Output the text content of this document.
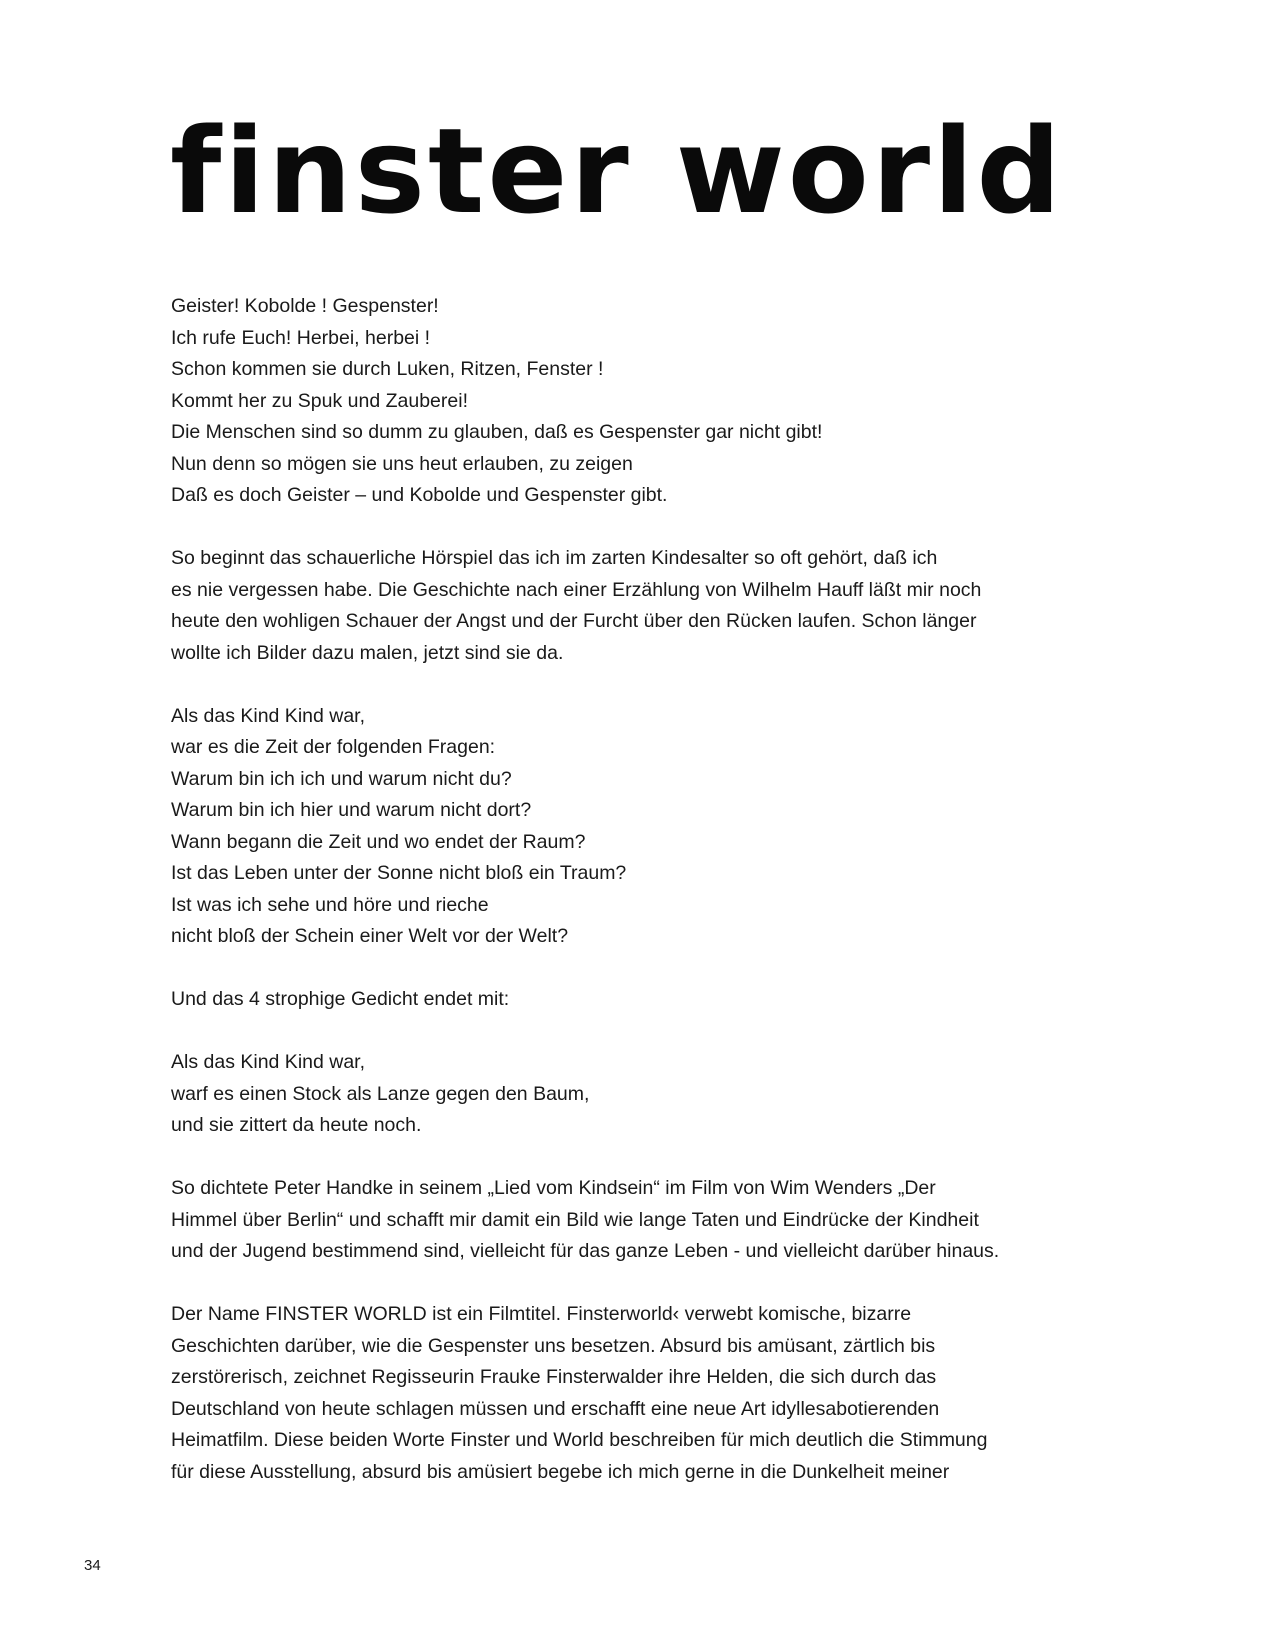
finster world

Geister! Kobolde ! Gespenster!
Ich rufe Euch! Herbei, herbei !
Schon kommen sie durch Luken, Ritzen, Fenster !
Kommt her zu Spuk und Zauberei!
Die Menschen sind so dumm zu glauben, daß es Gespenster gar nicht gibt!
Nun denn so mögen sie uns heut erlauben, zu zeigen
Daß es doch Geister – und Kobolde und Gespenster gibt.

So beginnt das schauerliche Hörspiel das ich im zarten Kindesalter so oft gehört, daß ich
es nie vergessen habe. Die Geschichte nach einer Erzählung von Wilhelm Hauff läßt mir noch
heute den wohligen Schauer der Angst und der Furcht über den Rücken laufen. Schon länger
wollte ich Bilder dazu malen, jetzt sind sie da.

Als das Kind Kind war,
war es die Zeit der folgenden Fragen:
Warum bin ich ich und warum nicht du?
Warum bin ich hier und warum nicht dort?
Wann begann die Zeit und wo endet der Raum?
Ist das Leben unter der Sonne nicht bloß ein Traum?
Ist was ich sehe und höre und rieche
nicht bloß der Schein einer Welt vor der Welt?

Und das 4 strophige Gedicht endet mit:

Als das Kind Kind war,
warf es einen Stock als Lanze gegen den Baum,
und sie zittert da heute noch.

So dichtete Peter Handke in seinem „Lied vom Kindsein“ im Film von Wim Wenders „Der
Himmel über Berlin“ und schafft mir damit ein Bild wie lange Taten und Eindrücke der Kindheit
und der Jugend bestimmend sind, vielleicht für das ganze Leben - und vielleicht darüber hinaus.

Der Name FINSTER WORLD ist ein Filmtitel. Finsterworld‹ verwebt komische, bizarre
Geschichten darüber, wie die Gespenster uns besetzen. Absurd bis amüsant, zärtlich bis
zerstörerisch, zeichnet Regisseurin Frauke Finsterwalder ihre Helden, die sich durch das
Deutschland von heute schlagen müssen und erschafft eine neue Art idyllesabotierenden
Heimatfilm. Diese beiden Worte Finster und World beschreiben für mich deutlich die Stimmung
für diese Ausstellung, absurd bis amüsiert begebe ich mich gerne in die Dunkelheit meiner

34
